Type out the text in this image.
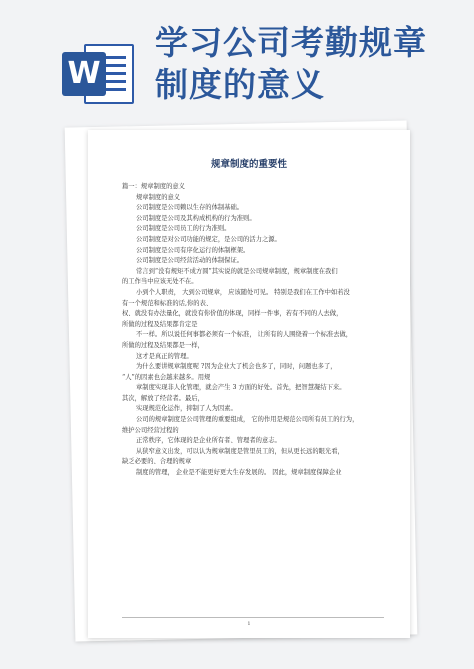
W
学习公司考勤规章
制度的意义
规章制度的重要性
篇一：规章制度的意义
规章制度的意义
公司制度是公司赖以生存的体制基础。
公司制度是公司及其构成机构的行为准则。
公司制度是公司员工的行为准则。
公司制度是对公司功能的规定，是公司的活力之源。
公司制度是公司有序化运行的体制框架。
公司制度是公司经营活动的体制保证。
常言到“没有规矩不成方圆”其实说的就是公司规章制度，规章制度在我们
的工作当中应该无处不在。
小到个人职责， 大到公司规章， 应该随处可见。 特别是我们在工作中如若没
有一个规范和标准的话,你的表、
权、就没有办法量化，就没有你价值的体现，同样一件事，若有不同的人去做，
所做的过程及结果都肯定是
不一样。所以说任何事都必须有一个标准， 让所有的人围绕着一个标准去做，
所做的过程及结果都是一样，
这才是真正的管理。
为什么要讲规章制度呢 ?因为企业大了机会也多了，同时，问题也多了，
“人”的因素也会越来越多。用规
章制度实现非人化管理，就会产生 3 方面的好处。首先，把智慧凝结下来。
其次，解放了经营者。最后，
实现规范化运作，抑制了人为因素。
公司的规章制度是公司管理的重要组成， 它的作用是规范公司所有员工的行为，
维护公司经营过程的
正常秩序，它体现的是企业所有者、管理者的意志。
从狭窄意义出发，可以认为规章制度是管里员工的，但从更长远的眼光看，
缺乏必要的、合理的规章
制度的管理， 企业是不能更好更大生存发展的。 因此，规章制度保障企业
1
